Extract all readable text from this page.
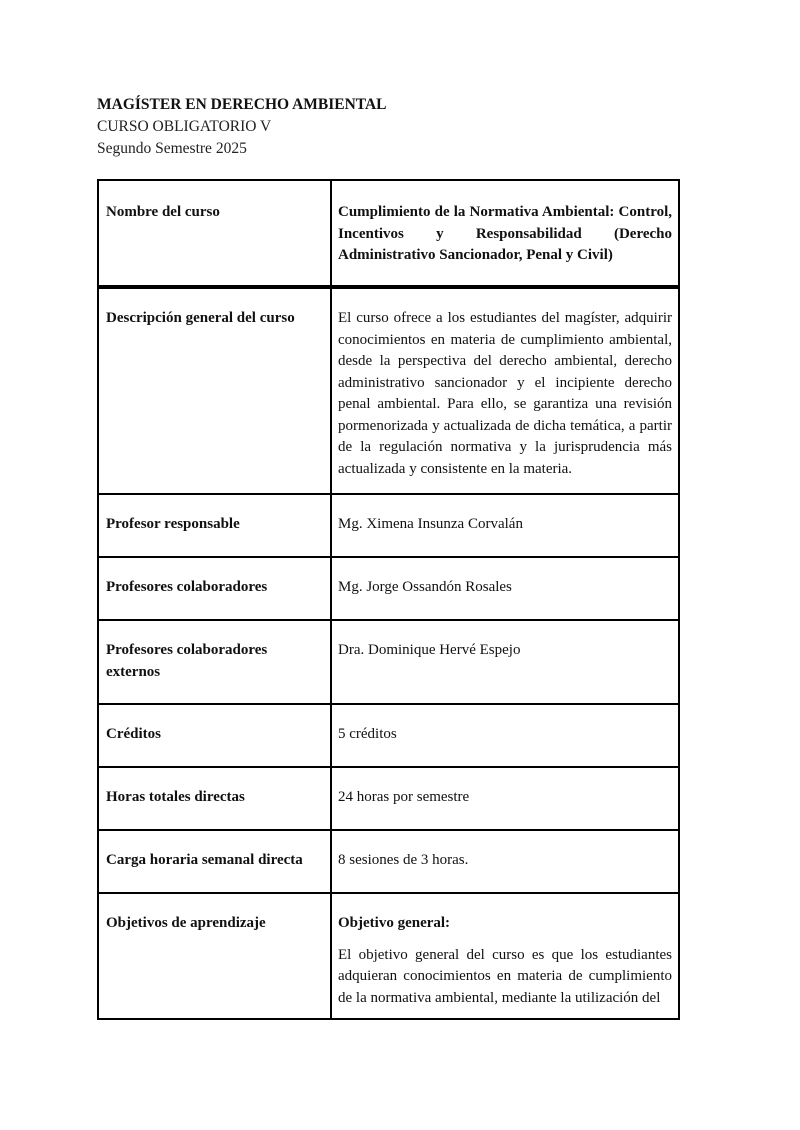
MAGÍSTER EN DERECHO AMBIENTAL
CURSO OBLIGATORIO V
Segundo Semestre 2025
Nombre del curso	Cumplimiento de la Normativa Ambiental: Control, Incentivos y Responsabilidad (Derecho Administrativo Sancionador, Penal y Civil)

Descripción general del curso	El curso ofrece a los estudiantes del magíster, adquirir conocimientos en materia de cumplimiento ambiental, desde la perspectiva del derecho ambiental, derecho administrativo sancionador y el incipiente derecho penal ambiental. Para ello, se garantiza una revisión pormenorizada y actualizada de dicha temática, a partir de la regulación normativa y la jurisprudencia más actualizada y consistente en la materia.

Profesor responsable	Mg. Ximena Insunza Corvalán

Profesores colaboradores	Mg. Jorge Ossandón Rosales

Profesores colaboradores externos	Dra. Dominique Hervé Espejo

Créditos	5 créditos

Horas totales directas	24 horas por semestre

Carga horaria semanal directa	8 sesiones de 3 horas.

Objetivos de aprendizaje	Objetivo general:
El objetivo general del curso es que los estudiantes adquieran conocimientos en materia de cumplimiento de la normativa ambiental, mediante la utilización del
